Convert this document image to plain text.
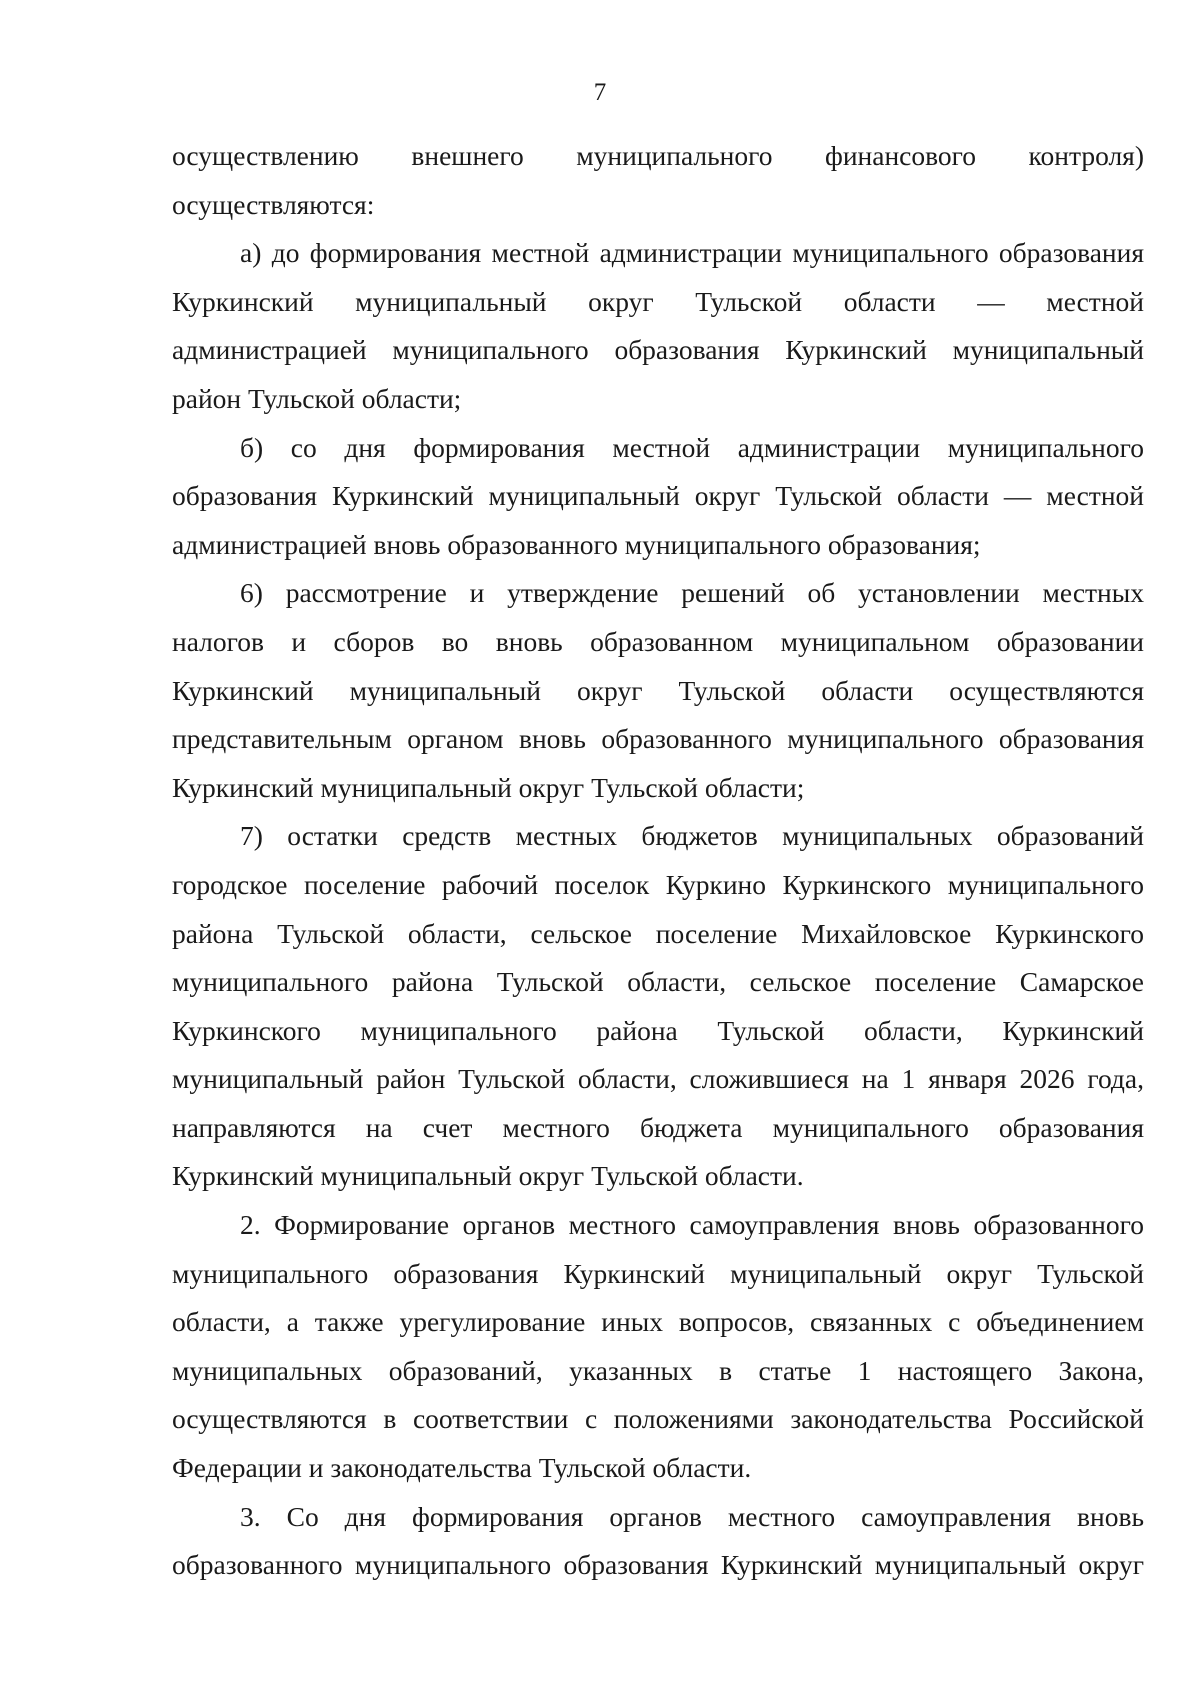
7
осуществлению внешнего муниципального финансового контроля)
осуществляются:
а) до формирования местной администрации муниципального образования
Куркинский муниципальный округ Тульской области — местной
администрацией муниципального образования Куркинский муниципальный
район Тульской области;
б) со дня формирования местной администрации муниципального
образования Куркинский муниципальный округ Тульской области — местной
администрацией вновь образованного муниципального образования;
6) рассмотрение и утверждение решений об установлении местных
налогов и сборов во вновь образованном муниципальном образовании
Куркинский муниципальный округ Тульской области осуществляются
представительным органом вновь образованного муниципального образования
Куркинский муниципальный округ Тульской области;
7) остатки средств местных бюджетов муниципальных образований
городское поселение рабочий поселок Куркино Куркинского муниципального
района Тульской области, сельское поселение Михайловское Куркинского
муниципального района Тульской области, сельское поселение Самарское
Куркинского муниципального района Тульской области, Куркинский
муниципальный район Тульской области, сложившиеся на 1 января 2026 года,
направляются на счет местного бюджета муниципального образования
Куркинский муниципальный округ Тульской области.
2. Формирование органов местного самоуправления вновь образованного
муниципального образования Куркинский муниципальный округ Тульской
области, а также урегулирование иных вопросов, связанных с объединением
муниципальных образований, указанных в статье 1 настоящего Закона,
осуществляются в соответствии с положениями законодательства Российской
Федерации и законодательства Тульской области.
3. Со дня формирования органов местного самоуправления вновь
образованного муниципального образования Куркинский муниципальный округ
